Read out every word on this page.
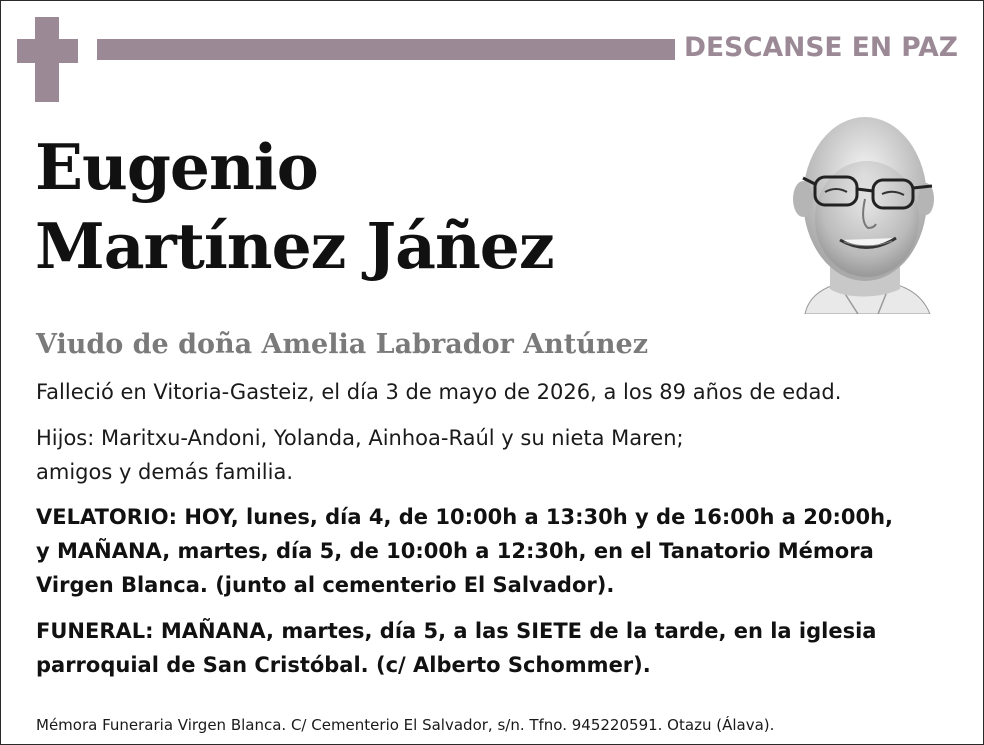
DESCANSE EN PAZ
Eugenio
Martínez Jáñez
Viudo de doña Amelia Labrador Antúnez
Falleció en Vitoria-Gasteiz, el día 3 de mayo de 2026, a los 89 años de edad.
Hijos: Maritxu-Andoni, Yolanda, Ainhoa-Raúl y su nieta Maren;
amigos y demás familia.
VELATORIO: HOY, lunes, día 4, de 10:00h a 13:30h y de 16:00h a 20:00h,
y MAÑANA, martes, día 5, de 10:00h a 12:30h, en el Tanatorio Mémora
Virgen Blanca. (junto al cementerio El Salvador).
FUNERAL: MAÑANA, martes, día 5, a las SIETE de la tarde, en la iglesia
parroquial de San Cristóbal. (c/ Alberto Schommer).
Mémora Funeraria Virgen Blanca. C/ Cementerio El Salvador, s/n. Tfno. 945220591. Otazu (Álava).
